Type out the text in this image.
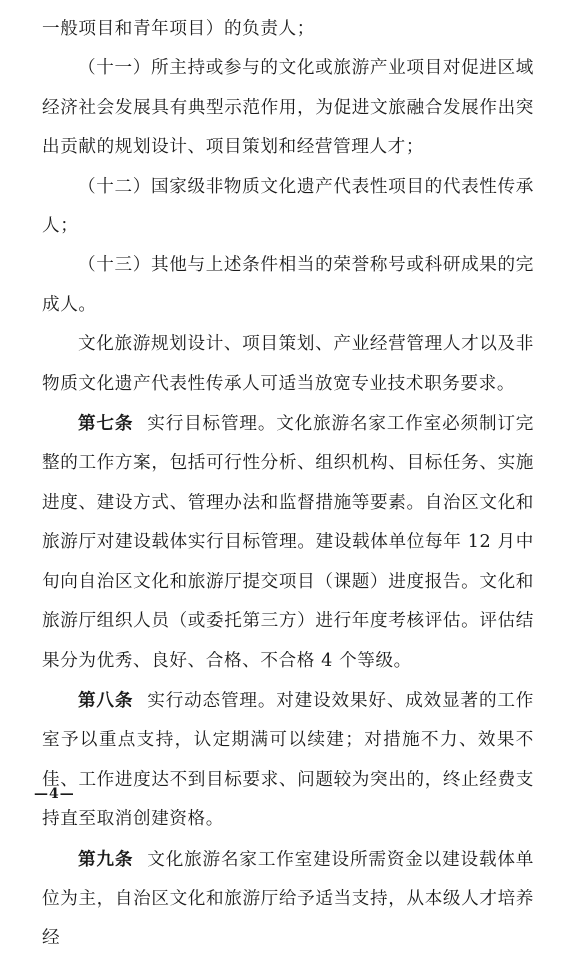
一般项目和青年项目）的负责人；

（十一）所主持或参与的文化或旅游产业项目对促进区域经济社会发展具有典型示范作用，为促进文旅融合发展作出突出贡献的规划设计、项目策划和经营管理人才；

（十二）国家级非物质文化遗产代表性项目的代表性传承人；

（十三）其他与上述条件相当的荣誉称号或科研成果的完成人。

文化旅游规划设计、项目策划、产业经营管理人才以及非物质文化遗产代表性传承人可适当放宽专业技术职务要求。

第七条 实行目标管理。文化旅游名家工作室必须制订完整的工作方案，包括可行性分析、组织机构、目标任务、实施进度、建设方式、管理办法和监督措施等要素。自治区文化和旅游厅对建设载体实行目标管理。建设载体单位每年 12 月中旬向自治区文化和旅游厅提交项目（课题）进度报告。文化和旅游厅组织人员（或委托第三方）进行年度考核评估。评估结果分为优秀、良好、合格、不合格 4 个等级。

第八条 实行动态管理。对建设效果好、成效显著的工作室予以重点支持，认定期满可以续建；对措施不力、效果不佳、工作进度达不到目标要求、问题较为突出的，终止经费支持直至取消创建资格。

第九条 文化旅游名家工作室建设所需资金以建设载体单位为主，自治区文化和旅游厅给予适当支持，从本级人才培养经

—4—
